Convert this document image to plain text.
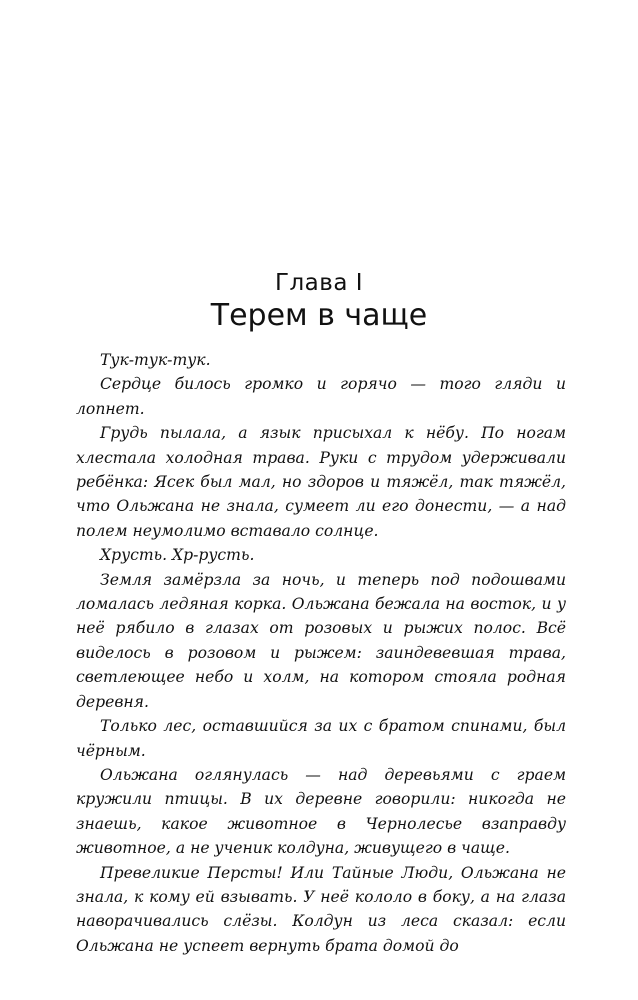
Глава I
Терем в чаще

Тук-тук-тук.

Сердце билось громко и горячо — того гляди и лопнет.

Грудь пылала, а язык присыхал к нёбу. По ногам хлестала холодная трава. Руки с трудом удерживали ребёнка: Ясек был мал, но здоров и тяжёл, так тяжёл, что Ольжана не знала, сумеет ли его донести, — а над полем неумолимо вставало солнце.

Хрусть. Хр-русть.

Земля замёрзла за ночь, и теперь под подошвами ломалась ледяная корка. Ольжана бежала на восток, и у неё рябило в глазах от розовых и рыжих полос. Всё виделось в розовом и рыжем: заиндевевшая трава, светлеющее небо и холм, на котором стояла родная деревня.

Только лес, оставшийся за их с братом спинами, был чёрным.

Ольжана оглянулась — над деревьями с граем кружили птицы. В их деревне говорили: никогда не знаешь, какое животное в Чернолесье взаправду животное, а не ученик колдуна, живущего в чаще.

Превеликие Персты! Или Тайные Люди, Ольжана не знала, к кому ей взывать. У неё кололо в боку, а на глаза наворачивались слёзы. Колдун из леса сказал: если Ольжана не успеет вернуть брата домой до
